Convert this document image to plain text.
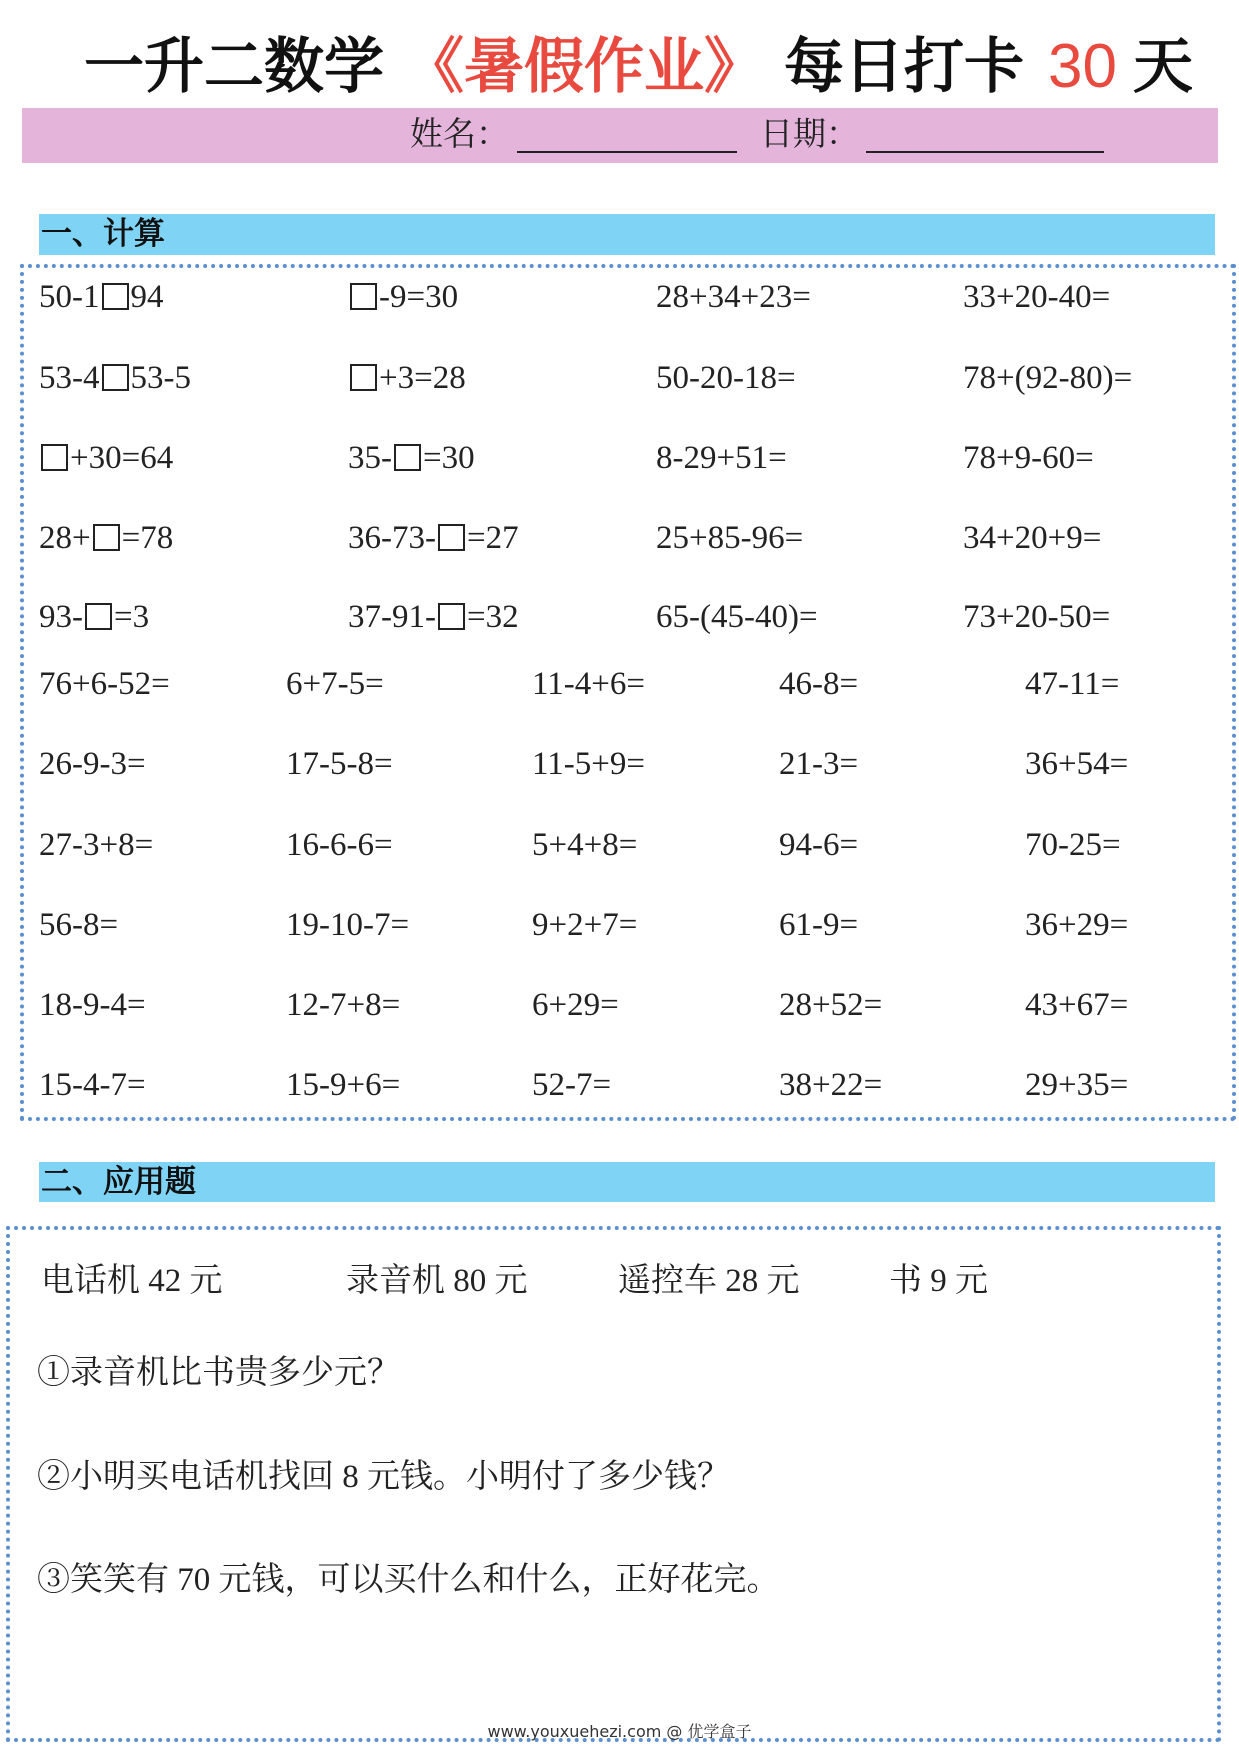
一升二数学 《暑假作业》 每日打卡 30 天
姓名：	日期：
一、计算
50-1 94	-9=30	28+34+23=	33+20-40=
53-4 53-5	+3=28	50-20-18=	78+(92-80)=
+30=64	35- =30	8-29+51=	78+9-60=
28+ =78	36-73- =27	25+85-96=	34+20+9=
93- =3	37-91- =32	65-(45-40)=	73+20-50=
76+6-52=	6+7-5=	11-4+6=	46-8=	47-11=
26-9-3=	17-5-8=	11-5+9=	21-3=	36+54=
27-3+8=	16-6-6=	5+4+8=	94-6=	70-25=
56-8=	19-10-7=	9+2+7=	61-9=	36+29=
18-9-4=	12-7+8=	6+29=	28+52=	43+67=
15-4-7=	15-9+6=	52-7=	38+22=	29+35=
二、应用题
电话机 42 元	录音机 80 元	遥控车 28 元	书 9 元
①录音机比书贵多少元？
②小明买电话机找回 8 元钱。小明付了多少钱？
③笑笑有 70 元钱，可以买什么和什么，正好花完。
www.youxuehezi.com @ 优学盒子
